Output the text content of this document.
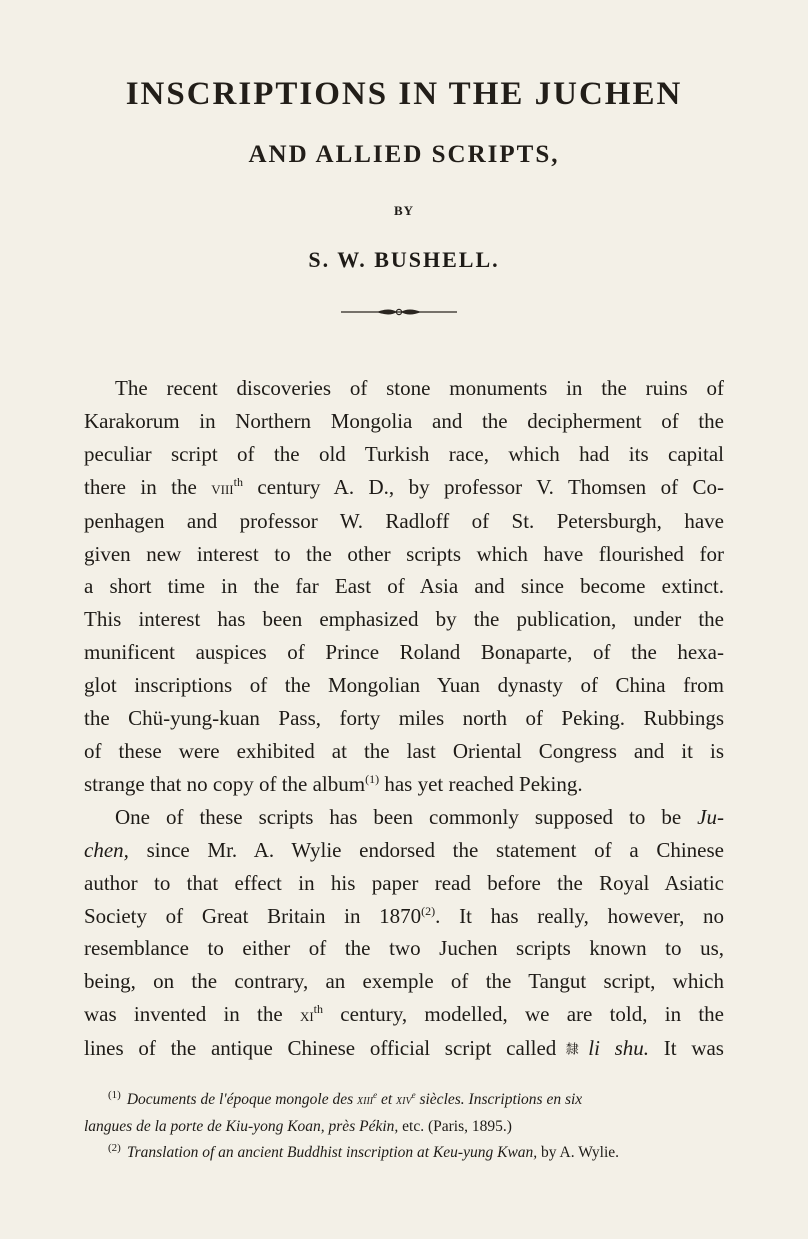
INSCRIPTIONS IN THE JUCHEN
AND ALLIED SCRIPTS,
BY
S. W. BUSHELL.
The recent discoveries of stone monuments in the ruins of
Karakorum in Northern Mongolia and the decipherment of the
peculiar script of the old Turkish race, which had its capital
there in the viii$^{th}$ century A. D., by professor V. Thomsen of Co-
penhagen and professor W. Radloff of St. Petersburgh, have
given new interest to the other scripts which have flourished for
a short time in the far East of Asia and since become extinct.
This interest has been emphasized by the publication, under the
munificent auspices of Prince Roland Bonaparte, of the hexa-
glot inscriptions of the Mongolian Yuan dynasty of China from
the Chü-yung-kuan Pass, forty miles north of Peking. Rubbings
of these were exhibited at the last Oriental Congress and it is
strange that no copy of the album$^{(1)}$ has yet reached Peking.
One of these scripts has been commonly supposed to be Ju-
chen, since Mr. A. Wylie endorsed the statement of a Chinese
author to that effect in his paper read before the Royal Asiatic
Society of Great Britain in 1870$^{(2)}$. It has really, however, no
resemblance to either of the two Juchen scripts known to us,
being, on the contrary, an exemple of the Tangut script, which
was invented in the $xi^{th}$ century, modelled, we are told, in the
lines of the antique Chinese official script called隸li shu. It was
$^{(1)}$ Documents de l'époque mongole des xiii$^e$ et xiv$^e$ siècles. Inscriptions en six
langues de la porte de Kiu-yong Koan, près Pékin, etc. (Paris, 1895.)
$^{(2)}$ Translation of an ancient Buddhist inscription at Keu-yung Kwan, by A. Wylie.
